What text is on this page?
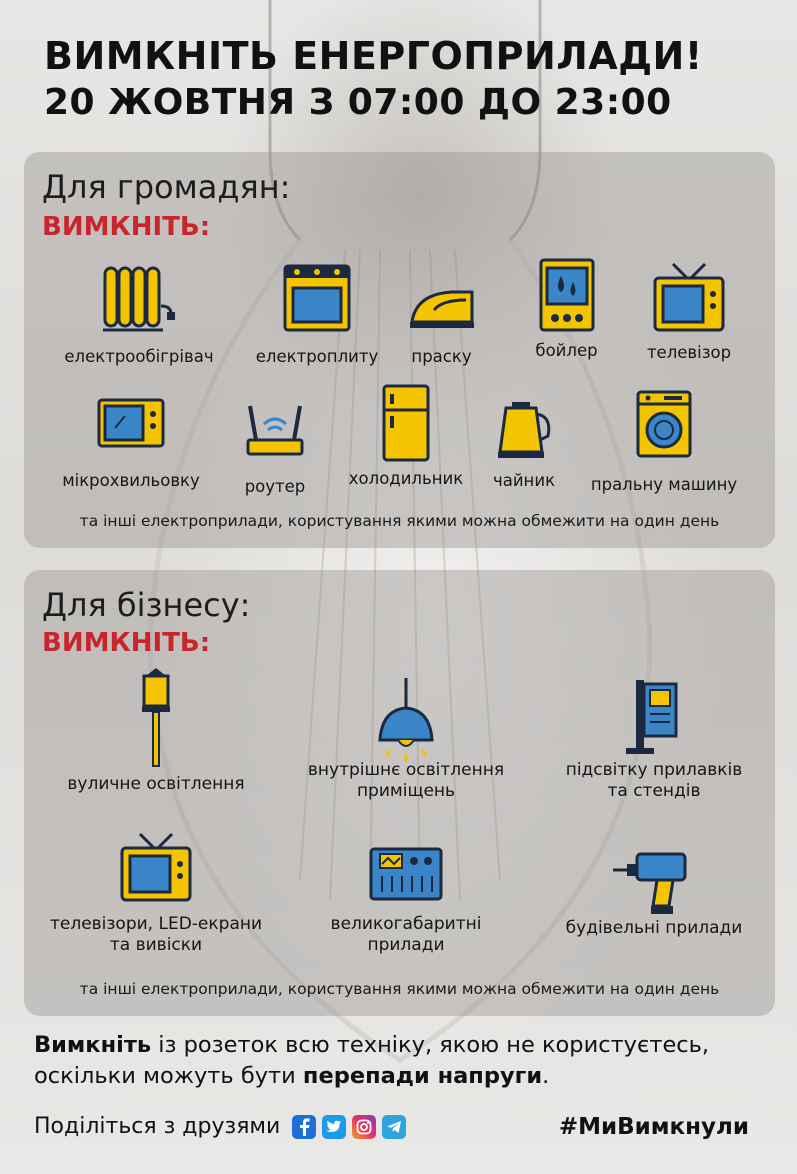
ВИМКНІТЬ ЕНЕРГОПРИЛАДИ!
20 ЖОВТНЯ З 07:00 ДО 23:00
Для громадян:
ВИМКНІТЬ:
електрообігрівач	електроплиту	праску	бойлер	телевізор
мікрохвильовку	роутер	холодильник	чайник	пральну машину
та інші електроприлади, користування якими можна обмежити на один день
Для бізнесу:
ВИМКНІТЬ:
вуличне освітлення
внутрішнє освітлення
приміщень
підсвітку прилавків
та стендів
телевізори, LED-екрани
та вивіски
великогабаритні
прилади
будівельні прилади
та інші електроприлади, користування якими можна обмежити на один день
Вимкніть із розеток всю техніку, якою не користуєтесь,
оскільки можуть бути перепади напруги.
Поділіться з друзями	#МиВимкнули
